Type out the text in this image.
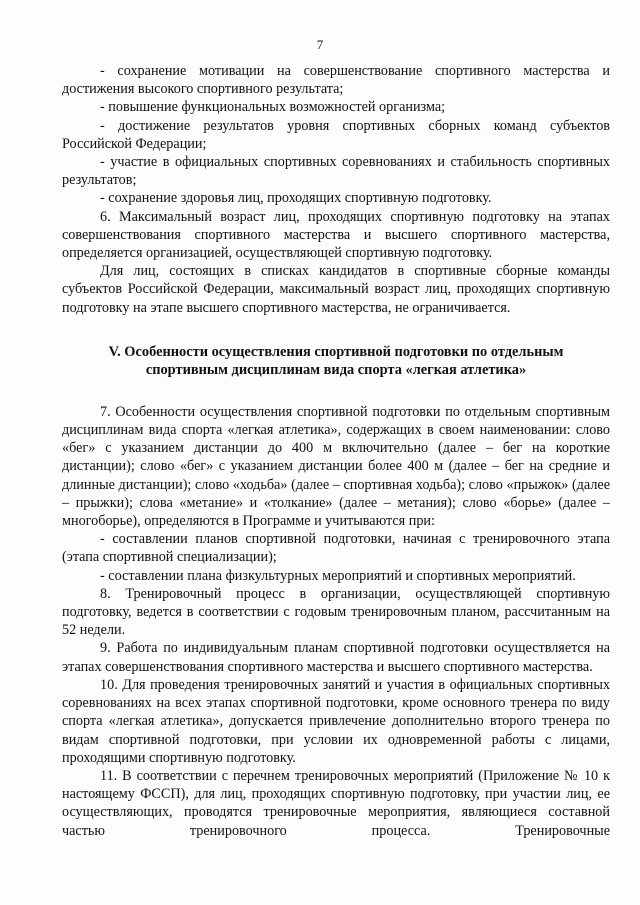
7

- сохранение мотивации на совершенствование спортивного мастерства и достижения высокого спортивного результата;

- повышение функциональных возможностей организма;

- достижение результатов уровня спортивных сборных команд субъектов Российской Федерации;

- участие в официальных спортивных соревнованиях и стабильность спортивных результатов;

- сохранение здоровья лиц, проходящих спортивную подготовку.

6. Максимальный возраст лиц, проходящих спортивную подготовку на этапах совершенствования спортивного мастерства и высшего спортивного мастерства, определяется организацией, осуществляющей спортивную подготовку.

Для лиц, состоящих в списках кандидатов в спортивные сборные команды субъектов Российской Федерации, максимальный возраст лиц, проходящих спортивную подготовку на этапе высшего спортивного мастерства, не ограничивается.

V. Особенности осуществления спортивной подготовки по отдельным
спортивным дисциплинам вида спорта «легкая атлетика»

7. Особенности осуществления спортивной подготовки по отдельным спортивным дисциплинам вида спорта «легкая атлетика», содержащих в своем наименовании: слово «бег» с указанием дистанции до 400 м включительно (далее – бег на короткие дистанции); слово «бег» с указанием дистанции более 400 м (далее – бег на средние и длинные дистанции); слово «ходьба» (далее – спортивная ходьба); слово «прыжок» (далее – прыжки); слова «метание» и «толкание» (далее – метания); слово «борье» (далее – многоборье), определяются в Программе и учитываются при:

- составлении планов спортивной подготовки, начиная с тренировочного этапа (этапа спортивной специализации);

- составлении плана физкультурных мероприятий и спортивных мероприятий.

8. Тренировочный процесс в организации, осуществляющей спортивную подготовку, ведется в соответствии с годовым тренировочным планом, рассчитанным на 52 недели.

9. Работа по индивидуальным планам спортивной подготовки осуществляется на этапах совершенствования спортивного мастерства и высшего спортивного мастерства.

10. Для проведения тренировочных занятий и участия в официальных спортивных соревнованиях на всех этапах спортивной подготовки, кроме основного тренера по виду спорта «легкая атлетика», допускается привлечение дополнительно второго тренера по видам спортивной подготовки, при условии их одновременной работы с лицами, проходящими спортивную подготовку.

11. В соответствии с перечнем тренировочных мероприятий (Приложение № 10 к настоящему ФССП), для лиц, проходящих спортивную подготовку, при участии лиц, ее осуществляющих, проводятся тренировочные мероприятия, являющиеся составной частью тренировочного процесса. Тренировочные
